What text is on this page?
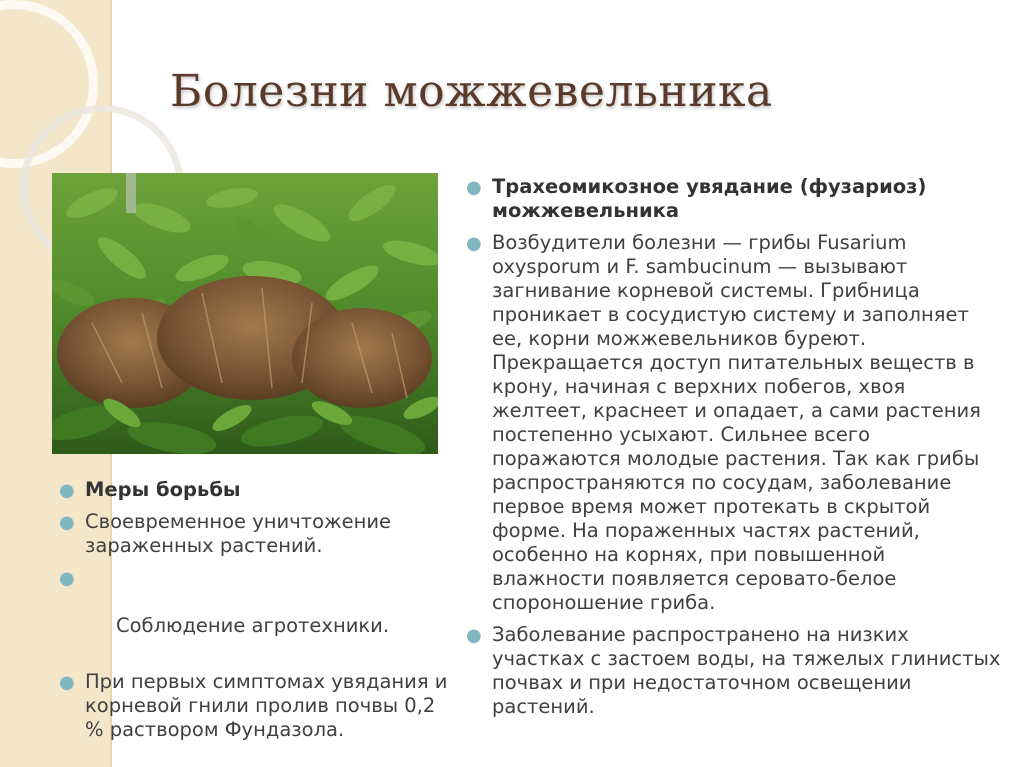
Болезни можжевельника
● Меры борьбы
● Своевременное уничтожение зараженных растений.

●

Соблюдение агротехники.

● При первых симптомах увядания и корневой гнили пролив почвы 0,2 % раствором Фундазола.
● Трахеомикозное увядание (фузариоз) можжевельника
● Возбудители болезни — грибы Fusarium oxysporum и F. sambucinum — вызывают загнивание корневой системы. Грибница проникает в сосудистую систему и заполняет ее, корни можжевельников буреют. Прекращается доступ питательных веществ в крону, начиная с верхних побегов, хвоя желтеет, краснеет и опадает, а сами растения постепенно усыхают. Сильнее всего поражаются молодые растения. Так как грибы распространяются по сосудам, заболевание первое время может протекать в скрытой форме. На пораженных частях растений, особенно на корнях, при повышенной влажности появляется серовато-белое спороношение гриба.
● Заболевание распространено на низких участках с застоем воды, на тяжелых глинистых почвах и при недостаточном освещении растений.
